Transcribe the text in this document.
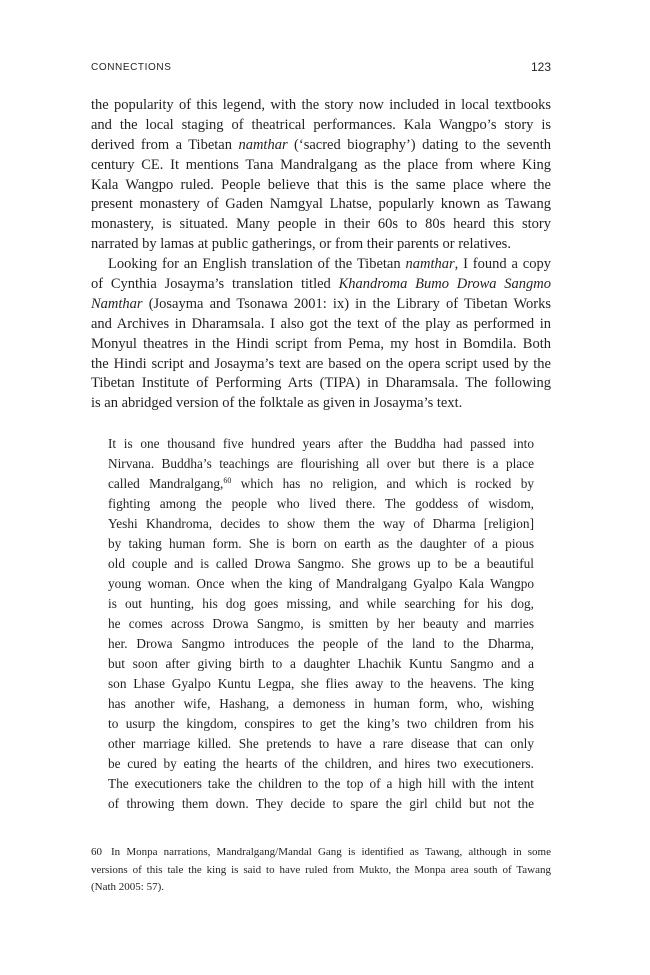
CONNECTIONS	123
the popularity of this legend, with the story now included in local textbooks
and the local staging of theatrical performances. Kala Wangpo’s story is
derived from a Tibetan namthar (‘sacred biography’) dating to the seventh
century CE. It mentions Tana Mandralgang as the place from where King
Kala Wangpo ruled. People believe that this is the same place where the
present monastery of Gaden Namgyal Lhatse, popularly known as Tawang
monastery, is situated. Many people in their 60s to 80s heard this story
narrated by lamas at public gatherings, or from their parents or relatives.
Looking for an English translation of the Tibetan namthar, I found a copy
of Cynthia Josayma’s translation titled Khandroma Bumo Drowa Sangmo
Namthar (Josayma and Tsonawa 2001: ix) in the Library of Tibetan Works
and Archives in Dharamsala. I also got the text of the play as performed in
Monyul theatres in the Hindi script from Pema, my host in Bomdila. Both
the Hindi script and Josayma’s text are based on the opera script used by the
Tibetan Institute of Performing Arts (TIPA) in Dharamsala. The following
is an abridged version of the folktale as given in Josayma’s text.
It is one thousand five hundred years after the Buddha had passed into
Nirvana. Buddha’s teachings are flourishing all over but there is a place
called Mandralgang,$^{60}$ which has no religion, and which is rocked by
fighting among the people who lived there. The goddess of wisdom,
Yeshi Khandroma, decides to show them the way of Dharma [religion]
by taking human form. She is born on earth as the daughter of a pious
old couple and is called Drowa Sangmo. She grows up to be a beautiful
young woman. Once when the king of Mandralgang Gyalpo Kala Wangpo
is out hunting, his dog goes missing, and while searching for his dog,
he comes across Drowa Sangmo, is smitten by her beauty and marries
her. Drowa Sangmo introduces the people of the land to the Dharma,
but soon after giving birth to a daughter Lhachik Kuntu Sangmo and a
son Lhase Gyalpo Kuntu Legpa, she flies away to the heavens. The king
has another wife, Hashang, a demoness in human form, who, wishing
to usurp the kingdom, conspires to get the king’s two children from his
other marriage killed. She pretends to have a rare disease that can only
be cured by eating the hearts of the children, and hires two executioners.
The executioners take the children to the top of a high hill with the intent
of throwing them down. They decide to spare the girl child but not the
60 In Monpa narrations, Mandralgang/Mandal Gang is identified as Tawang, although in some
versions of this tale the king is said to have ruled from Mukto, the Monpa area south of Tawang
(Nath 2005: 57).
